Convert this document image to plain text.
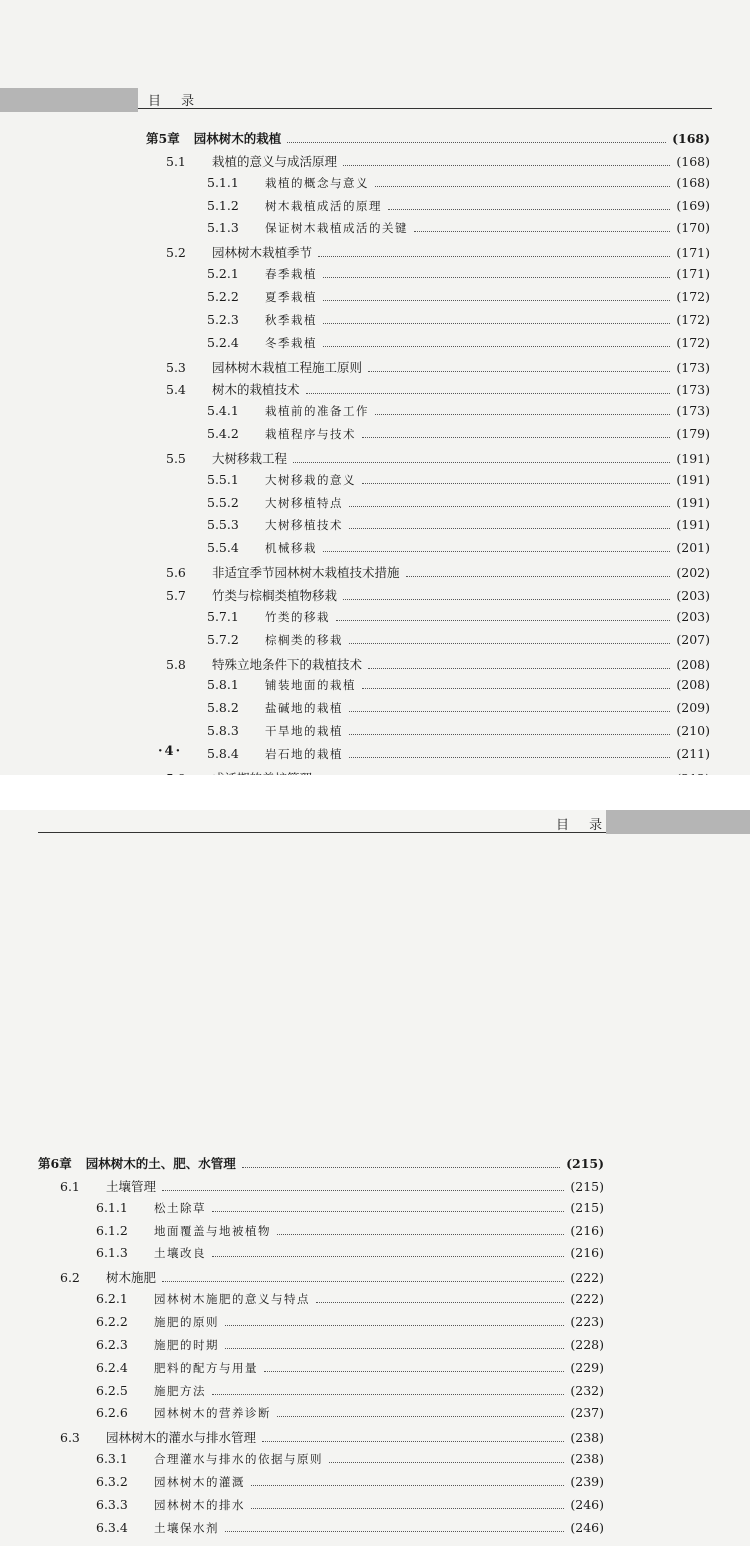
目 录
第5章 园林树木的栽植	(168)
5.1	栽植的意义与成活原理	(168)
5.1.1	栽植的概念与意义	(168)
5.1.2	树木栽植成活的原理	(169)
5.1.3	保证树木栽植成活的关键	(170)
5.2	园林树木栽植季节	(171)
5.2.1	春季栽植	(171)
5.2.2	夏季栽植	(172)
5.2.3	秋季栽植	(172)
5.2.4	冬季栽植	(172)
5.3	园林树木栽植工程施工原则	(173)
5.4	树木的栽植技术	(173)
5.4.1	栽植前的准备工作	(173)
5.4.2	栽植程序与技术	(179)
5.5	大树移栽工程	(191)
5.5.1	大树移栽的意义	(191)
5.5.2	大树移植特点	(191)
5.5.3	大树移植技术	(191)
5.5.4	机械移栽	(201)
5.6	非适宜季节园林树木栽植技术措施	(202)
5.7	竹类与棕榈类植物移栽	(203)
5.7.1	竹类的移栽	(203)
5.7.2	棕榈类的移栽	(207)
5.8	特殊立地条件下的栽植技术	(208)
5.8.1	铺装地面的栽植	(208)
5.8.2	盐碱地的栽植	(209)
5.8.3	干旱地的栽植	(210)
5.8.4	岩石地的栽植	(211)
·4·
目 录
第6章 园林树木的土、肥、水管理	(215)
6.1	土壤管理	(215)
6.1.1	松土除草	(215)
6.1.2	地面覆盖与地被植物	(216)
6.1.3	土壤改良	(216)
6.2	树木施肥	(222)
6.2.1	园林树木施肥的意义与特点	(222)
6.2.2	施肥的原则	(223)
6.2.3	施肥的时期	(228)
6.2.4	肥料的配方与用量	(229)
6.2.5	施肥方法	(232)
6.2.6	园林树木的营养诊断	(237)
6.3	园林树木的灌水与排水管理	(238)
6.3.1	合理灌水与排水的依据与原则	(238)
6.3.2	园林树木的灌溉	(239)
6.3.3	园林树木的排水	(246)
6.3.4	土壤保水剂	(246)
